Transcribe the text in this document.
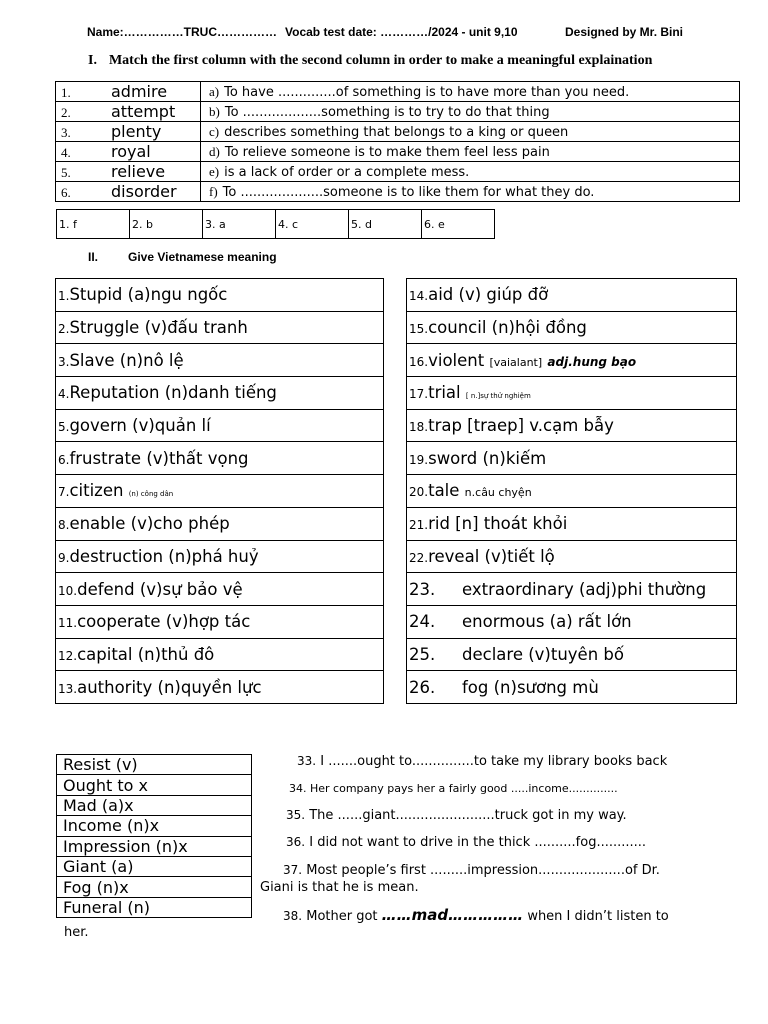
Name:……………TRUC…………… Vocab test date: …………/2024 - unit 9,10	Designed by Mr. Bini
I. Match the first column with the second column in order to make a meaningful explaination
1. admire	a) To have ..............of something is to have more than you need.
2. attempt	b) To ...................something is to try to do that thing
3. plenty	c) describes something that belongs to a king or queen
4. royal	d) To relieve someone is to make them feel less pain
5. relieve	e) is a lack of order or a complete mess.
6. disorder	f) To ....................someone is to like them for what they do.
1. f	2. b	3. a	4. c	5. d	6. e
II.	Give Vietnamese meaning
1.Stupid (a)ngu ngốc
2.Struggle (v)đấu tranh
3.Slave (n)nô lệ
4.Reputation (n)danh tiếng
5.govern (v)quản lí
6.frustrate (v)thất vọng
7.citizen (n) công dân
8.enable (v)cho phép
9.destruction (n)phá huỷ
10.defend (v)sự bảo vệ
11.cooperate (v)hợp tác
12.capital (n)thủ đô
13.authority (n)quyền lực
14.aid (v) giúp đỡ
15.council (n)hội đồng
16.violent [vaialant] adj.hung bạo
17.trial [ n.]sự thử nghiệm
18.trap [traep] v.cạm bẫy
19.sword (n)kiếm
20.tale n.câu chyện
21.rid [n] thoát khỏi
22.reveal (v)tiết lộ
23. extraordinary (adj)phi thường
24. enormous (a) rất lớn
25. declare (v)tuyên bố
26. fog (n)sương mù
Resist (v)
Ought to x
Mad (a)x
Income (n)x
Impression (n)x
Giant (a)
Fog (n)x
Funeral (n)
33. I .......ought to...............to take my library books back
34. Her company pays her a fairly good .....income..............
35. The ......giant........................truck got in my way.
36. I did not want to drive in the thick ..........fog............
37. Most people’s first .........impression.....................of Dr.
Giani is that he is mean.
38. Mother got ……mad…………… when I didn’t listen to
her.
